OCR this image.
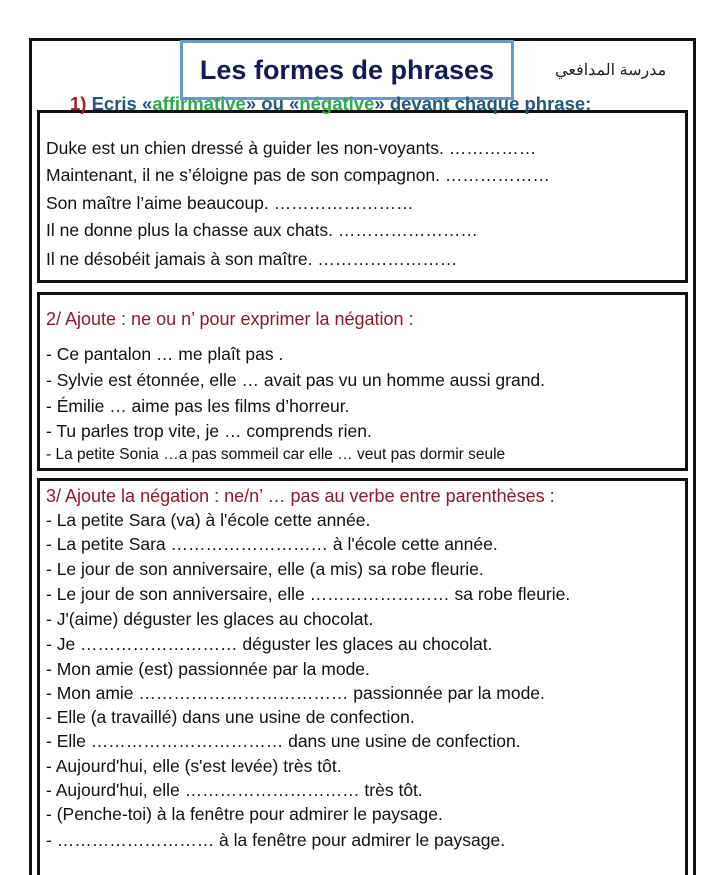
Les formes de phrases	مدرسة المدافعي
1) Ecris «affirmative» ou «négative» devant chaque phrase:
Duke est un chien dressé à guider les non-voyants. ……………
Maintenant, il ne s’éloigne pas de son compagnon. ………………
Son maître l’aime beaucoup. ……………………
Il ne donne plus la chasse aux chats. ……………………
Il ne désobéit jamais à son maître. ……………………
2/ Ajoute : ne ou n’ pour exprimer la négation :
- Ce pantalon … me plaît pas .
- Sylvie est étonnée, elle … avait pas vu un homme aussi grand.
- Émilie … aime pas les films d’horreur.
- Tu parles trop vite, je … comprends rien.
- La petite Sonia …a pas sommeil car elle … veut pas dormir seule
3/ Ajoute la négation : ne/n’ … pas au verbe entre parenthèses :
- La petite Sara (va) à l'école cette année.
- La petite Sara ……………………… à l'école cette année.
- Le jour de son anniversaire, elle (a mis) sa robe fleurie.
- Le jour de son anniversaire, elle …………………… sa robe fleurie.
- J'(aime) déguster les glaces au chocolat.
- Je ……………………… déguster les glaces au chocolat.
- Mon amie (est) passionnée par la mode.
- Mon amie ……………………………… passionnée par la mode.
- Elle (a travaillé) dans une usine de confection.
- Elle …………………………… dans une usine de confection.
- Aujourd'hui, elle (s'est levée) très tôt.
- Aujourd'hui, elle ………………………… très tôt.
- (Penche-toi) à la fenêtre pour admirer le paysage.
- ……………………… à la fenêtre pour admirer le paysage.
